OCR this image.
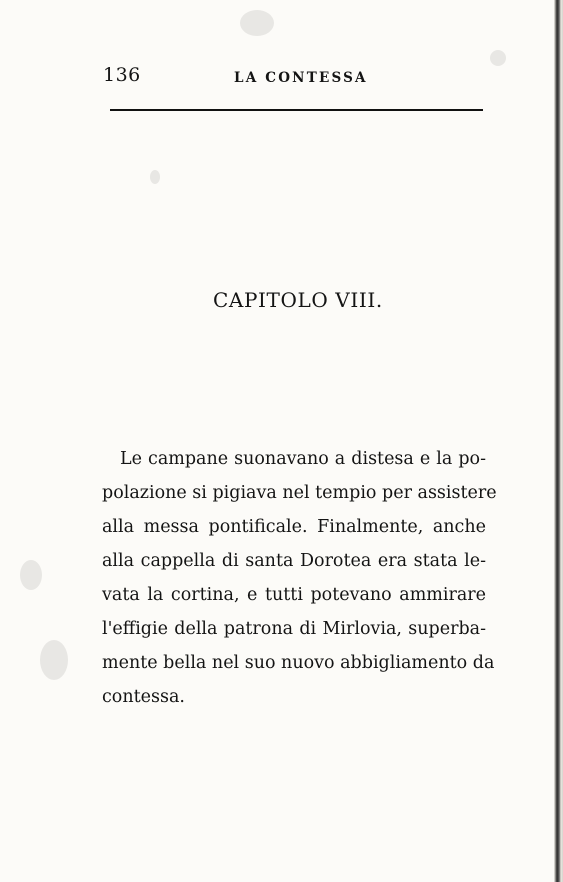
136	LA CONTESSA
CAPITOLO VIII.
Le campane suonavano a distesa e la po-
polazione si pigiava nel tempio per assistere
alla messa pontificale. Finalmente, anche
alla cappella di santa Dorotea era stata le-
vata la cortina, e tutti potevano ammirare
l'effigie della patrona di Mirlovia, superba-
mente bella nel suo nuovo abbigliamento da
contessa.
